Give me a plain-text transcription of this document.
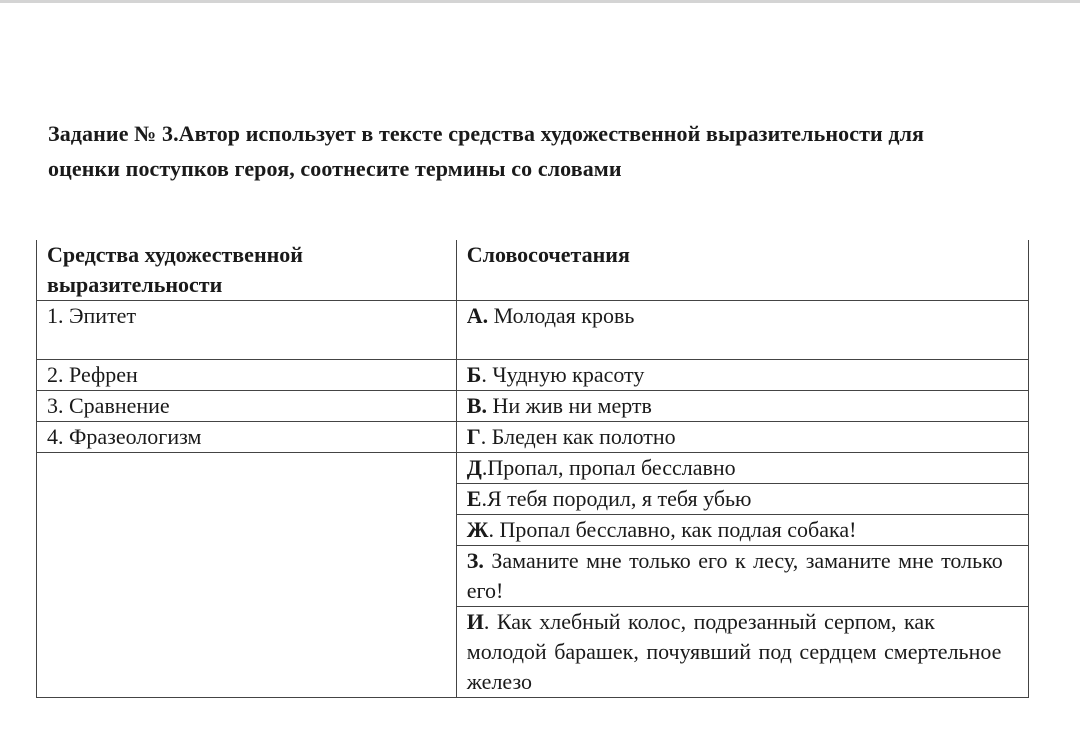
Задание № 3.Автор использует в тексте средства художественной выразительности для оценки поступков героя, соотнесите термины со словами

Средства художественной выразительности	Словосочетания
1. Эпитет	А. Молодая кровь
2. Рефрен	Б. Чудную красоту
3. Сравнение	В. Ни жив ни мертв
4. Фразеологизм	Г. Бледен как полотно
	Д.Пропал, пропал бесславно
	Е.Я тебя породил, я тебя убью
	Ж. Пропал бесславно, как подлая собака!
	З. Заманите мне только его к лесу, заманите мне только его!
	И. Как хлебный колос, подрезанный серпом, как молодой барашек, почуявший под сердцем смертельное железо
